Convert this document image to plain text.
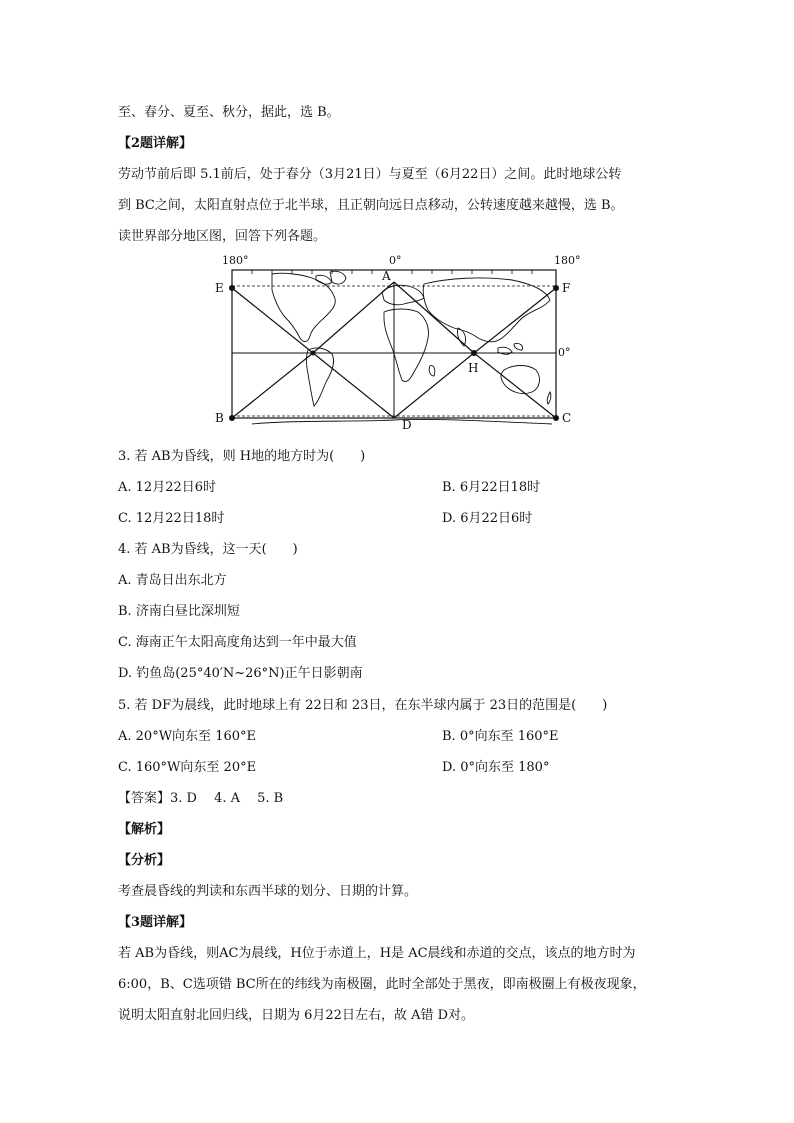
至、春分、夏至、秋分，据此，选 B。
【2题详解】
劳动节前后即 5.1前后，处于春分（3月21日）与夏至（6月22日）之间。此时地球公转
到 BC之间，太阳直射点位于北半球，且正朝向远日点移动，公转速度越来越慢，选 B。
读世界部分地区图，回答下列各题。
180°	0°	180°
0°
A
E
B
F
C
D
H
3. 若 AB为昏线，则 H地的地方时为(　　)
A. 12月22日6时	B. 6月22日18时
C. 12月22日18时	D. 6月22日6时
4. 若 AB为昏线，这一天(　　)
A. 青岛日出东北方
B. 济南白昼比深圳短
C. 海南正午太阳高度角达到一年中最大值
D. 钓鱼岛(25°40′N~26°N)正午日影朝南
5. 若 DF为晨线，此时地球上有 22日和 23日，在东半球内属于 23日的范围是(　　)
A. 20°W向东至 160°E	B. 0°向东至 160°E
C. 160°W向东至 20°E	D. 0°向东至 180°
【答案】3. D　 4. A　 5. B
【解析】
【分析】
考查晨昏线的判读和东西半球的划分、日期的计算。
【3题详解】
若 AB为昏线，则AC为晨线，H位于赤道上，H是 AC晨线和赤道的交点，该点的地方时为
6:00，B、C选项错 BC所在的纬线为南极圈，此时全部处于黑夜，即南极圈上有极夜现象，
说明太阳直射北回归线，日期为 6月22日左右，故 A错 D对。
